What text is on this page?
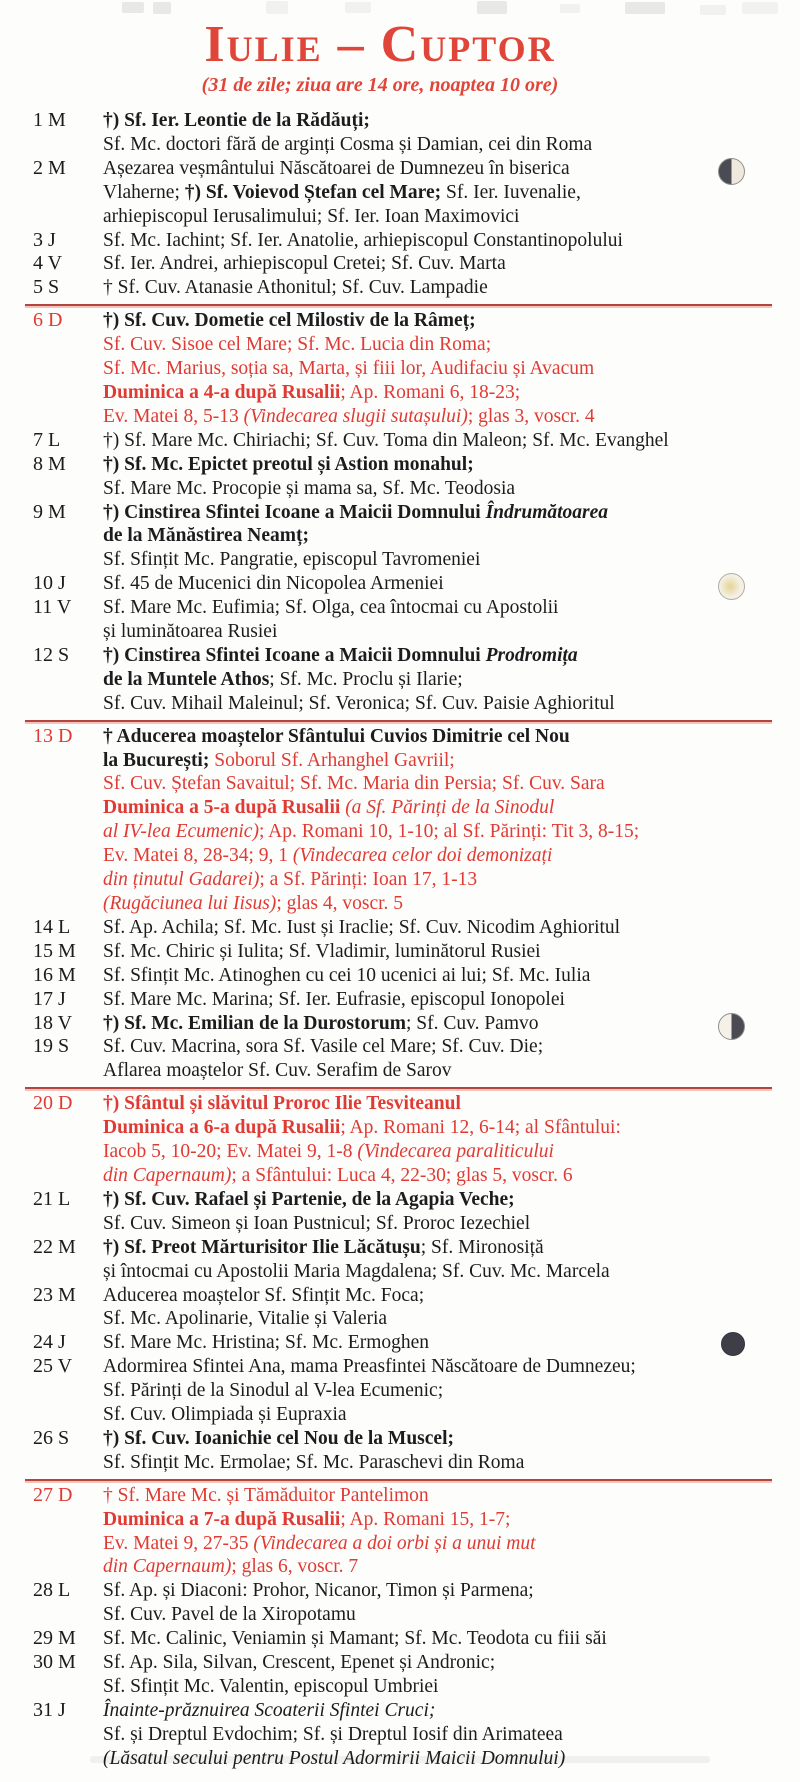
Iulie – Cuptor
(31 de zile; ziua are 14 ore, noaptea 10 ore)
1 M	†) Sf. Ier. Leontie de la Rădăuți;
Sf. Mc. doctori fără de arginți Cosma și Damian, cei din Roma
2 M	Așezarea veșmântului Născătoarei de Dumnezeu în biserica
Vlaherne; †) Sf. Voievod Ștefan cel Mare; Sf. Ier. Iuvenalie,
arhiepiscopul Ierusalimului; Sf. Ier. Ioan Maximovici
3 J	Sf. Mc. Iachint; Sf. Ier. Anatolie, arhiepiscopul Constantinopolului
4 V	Sf. Ier. Andrei, arhiepiscopul Cretei; Sf. Cuv. Marta
5 S	† Sf. Cuv. Atanasie Athonitul; Sf. Cuv. Lampadie
6 D	†) Sf. Cuv. Dometie cel Milostiv de la Râmeț;
Sf. Cuv. Sisoe cel Mare; Sf. Mc. Lucia din Roma;
Sf. Mc. Marius, soția sa, Marta, și fiii lor, Audifaciu și Avacum
Duminica a 4-a după Rusalii; Ap. Romani 6, 18-23;
Ev. Matei 8, 5-13 (Vindecarea slugii sutașului); glas 3, voscr. 4
7 L	†) Sf. Mare Mc. Chiriachi; Sf. Cuv. Toma din Maleon; Sf. Mc. Evanghel
8 M	†) Sf. Mc. Epictet preotul și Astion monahul;
Sf. Mare Mc. Procopie și mama sa, Sf. Mc. Teodosia
9 M	†) Cinstirea Sfintei Icoane a Maicii Domnului Îndrumătoarea
de la Mănăstirea Neamț;
Sf. Sfințit Mc. Pangratie, episcopul Tavromeniei
10 J	Sf. 45 de Mucenici din Nicopolea Armeniei
11 V	Sf. Mare Mc. Eufimia; Sf. Olga, cea întocmai cu Apostolii
și luminătoarea Rusiei
12 S	†) Cinstirea Sfintei Icoane a Maicii Domnului Prodromița
de la Muntele Athos; Sf. Mc. Proclu și Ilarie;
Sf. Cuv. Mihail Maleinul; Sf. Veronica; Sf. Cuv. Paisie Aghioritul
13 D	† Aducerea moaștelor Sfântului Cuvios Dimitrie cel Nou
la București; Soborul Sf. Arhanghel Gavriil;
Sf. Cuv. Ștefan Savaitul; Sf. Mc. Maria din Persia; Sf. Cuv. Sara
Duminica a 5-a după Rusalii (a Sf. Părinți de la Sinodul
al IV-lea Ecumenic); Ap. Romani 10, 1-10; al Sf. Părinți: Tit 3, 8-15;
Ev. Matei 8, 28-34; 9, 1 (Vindecarea celor doi demonizați
din ținutul Gadarei); a Sf. Părinți: Ioan 17, 1-13
(Rugăciunea lui Iisus); glas 4, voscr. 5
14 L	Sf. Ap. Achila; Sf. Mc. Iust și Iraclie; Sf. Cuv. Nicodim Aghioritul
15 M	Sf. Mc. Chiric și Iulita; Sf. Vladimir, luminătorul Rusiei
16 M	Sf. Sfințit Mc. Atinoghen cu cei 10 ucenici ai lui; Sf. Mc. Iulia
17 J	Sf. Mare Mc. Marina; Sf. Ier. Eufrasie, episcopul Ionopolei
18 V	†) Sf. Mc. Emilian de la Durostorum; Sf. Cuv. Pamvo
19 S	Sf. Cuv. Macrina, sora Sf. Vasile cel Mare; Sf. Cuv. Die;
Aflarea moaștelor Sf. Cuv. Serafim de Sarov
20 D	†) Sfântul și slăvitul Proroc Ilie Tesviteanul
Duminica a 6-a după Rusalii; Ap. Romani 12, 6-14; al Sfântului:
Iacob 5, 10-20; Ev. Matei 9, 1-8 (Vindecarea paraliticului
din Capernaum); a Sfântului: Luca 4, 22-30; glas 5, voscr. 6
21 L	†) Sf. Cuv. Rafael și Partenie, de la Agapia Veche;
Sf. Cuv. Simeon și Ioan Pustnicul; Sf. Proroc Iezechiel
22 M	†) Sf. Preot Mărturisitor Ilie Lăcătușu; Sf. Mironosiță
și întocmai cu Apostolii Maria Magdalena; Sf. Cuv. Mc. Marcela
23 M	Aducerea moaștelor Sf. Sfințit Mc. Foca;
Sf. Mc. Apolinarie, Vitalie și Valeria
24 J	Sf. Mare Mc. Hristina; Sf. Mc. Ermoghen
25 V	Adormirea Sfintei Ana, mama Preasfintei Născătoare de Dumnezeu;
Sf. Părinți de la Sinodul al V-lea Ecumenic;
Sf. Cuv. Olimpiada și Eupraxia
26 S	†) Sf. Cuv. Ioanichie cel Nou de la Muscel;
Sf. Sfințit Mc. Ermolae; Sf. Mc. Paraschevi din Roma
27 D	† Sf. Mare Mc. și Tămăduitor Pantelimon
Duminica a 7-a după Rusalii; Ap. Romani 15, 1-7;
Ev. Matei 9, 27-35 (Vindecarea a doi orbi și a unui mut
din Capernaum); glas 6, voscr. 7
28 L	Sf. Ap. și Diaconi: Prohor, Nicanor, Timon și Parmena;
Sf. Cuv. Pavel de la Xiropotamu
29 M	Sf. Mc. Calinic, Veniamin și Mamant; Sf. Mc. Teodota cu fiii săi
30 M	Sf. Ap. Sila, Silvan, Crescent, Epenet și Andronic;
Sf. Sfințit Mc. Valentin, episcopul Umbriei
31 J	Înainte-prăznuirea Scoaterii Sfintei Cruci;
Sf. și Dreptul Evdochim; Sf. și Dreptul Iosif din Arimateea
(Lăsatul secului pentru Postul Adormirii Maicii Domnului)
